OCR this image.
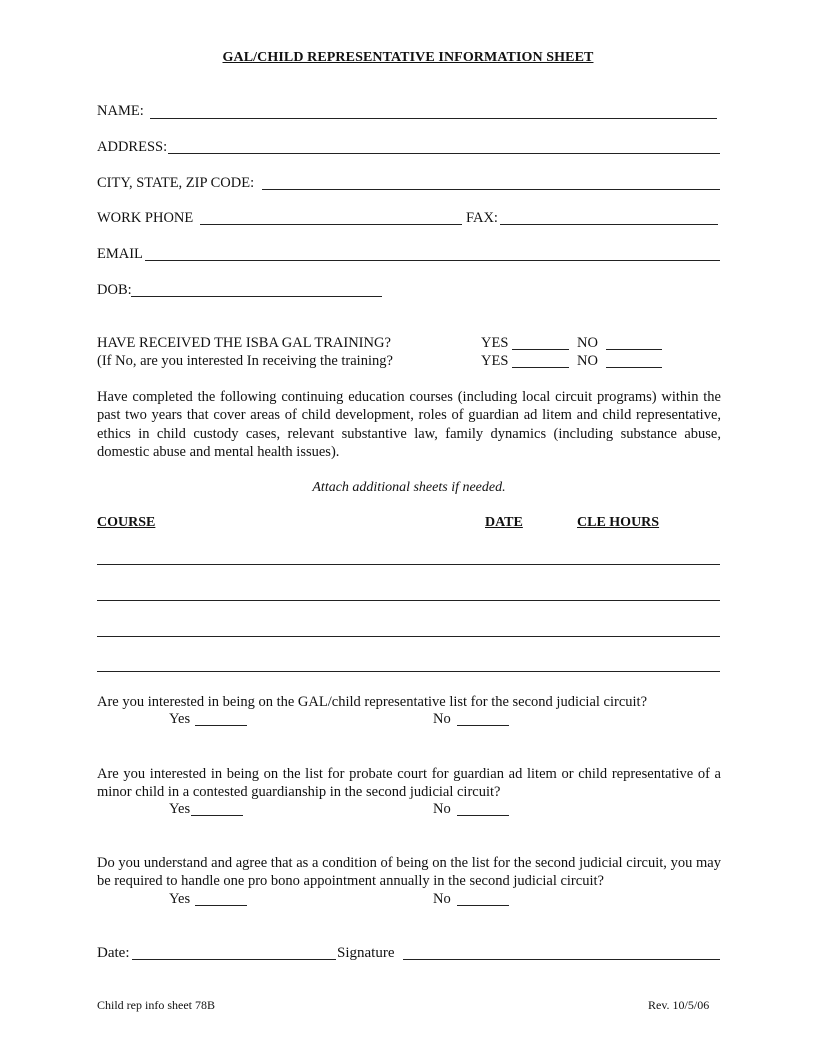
GAL/CHILD REPRESENTATIVE INFORMATION SHEET
NAME:
ADDRESS:
CITY, STATE, ZIP CODE:
WORK PHONE	FAX:
EMAIL
DOB:
HAVE RECEIVED THE ISBA GAL TRAINING?	YES	NO
(If No, are you interested In receiving the training?	YES	NO
Have completed the following continuing education courses (including local circuit programs) within the past two years that cover areas of child development, roles of guardian ad litem and child representative, ethics in child custody cases, relevant substantive law, family dynamics (including substance abuse, domestic abuse and mental health issues).
Attach additional sheets if needed.
COURSE	DATE	CLE HOURS
Are you interested in being on the GAL/child representative list for the second judicial circuit?
Yes	No
Are you interested in being on the list for probate court for guardian ad litem or child representative of a minor child in a contested guardianship in the second judicial circuit?
Yes	No
Do you understand and agree that as a condition of being on the list for the second judicial circuit, you may be required to handle one pro bono appointment annually in the second judicial circuit?
Yes	No
Date:	Signature
Child rep info sheet 78B	Rev. 10/5/06
